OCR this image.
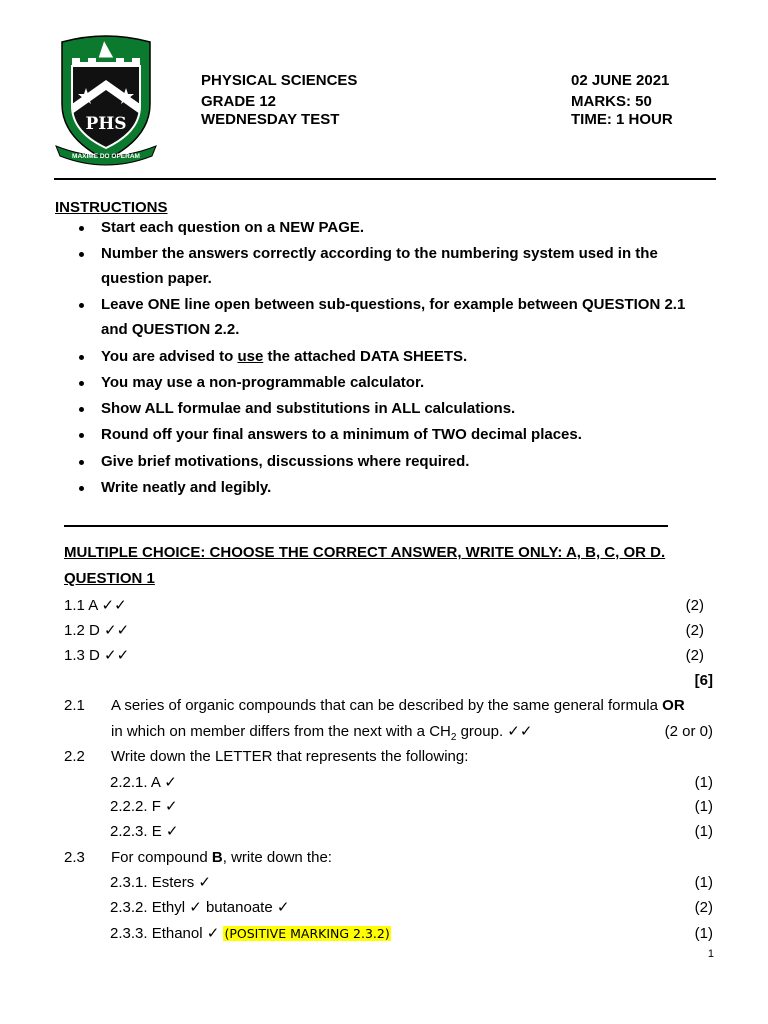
PHS
MAXIME DO OPERAM
PHYSICAL SCIENCES
GRADE 12
WEDNESDAY TEST
02 JUNE 2021
MARKS: 50
TIME: 1 HOUR
INSTRUCTIONS
Start each question on a NEW PAGE.
Number the answers correctly according to the numbering system used in the
question paper.
Leave ONE line open between sub-questions, for example between QUESTION 2.1
and QUESTION 2.2.
You are advised to use the attached DATA SHEETS.
You may use a non-programmable calculator.
Show ALL formulae and substitutions in ALL calculations.
Round off your final answers to a minimum of TWO decimal places.
Give brief motivations, discussions where required.
Write neatly and legibly.
MULTIPLE CHOICE: CHOOSE THE CORRECT ANSWER, WRITE ONLY: A, B, C, OR D.
QUESTION 1
1.1 A ✓✓	(2)
1.2 D ✓✓	(2)
1.3 D ✓✓	(2)
[6]
2.1 A series of organic compounds that can be described by the same general formula OR
in which on member differs from the next with a $CH_2$ group. ✓✓	(2 or 0)
2.2 Write down the LETTER that represents the following:
2.2.1. A ✓	(1)
2.2.2. F ✓	(1)
2.2.3. E ✓	(1)
2.3 For compound B, write down the:
2.3.1. Esters ✓	(1)
2.3.2. Ethyl ✓ butanoate ✓	(2)
2.3.3. Ethanol ✓ (POSITIVE MARKING 2.3.2)	(1)
1
